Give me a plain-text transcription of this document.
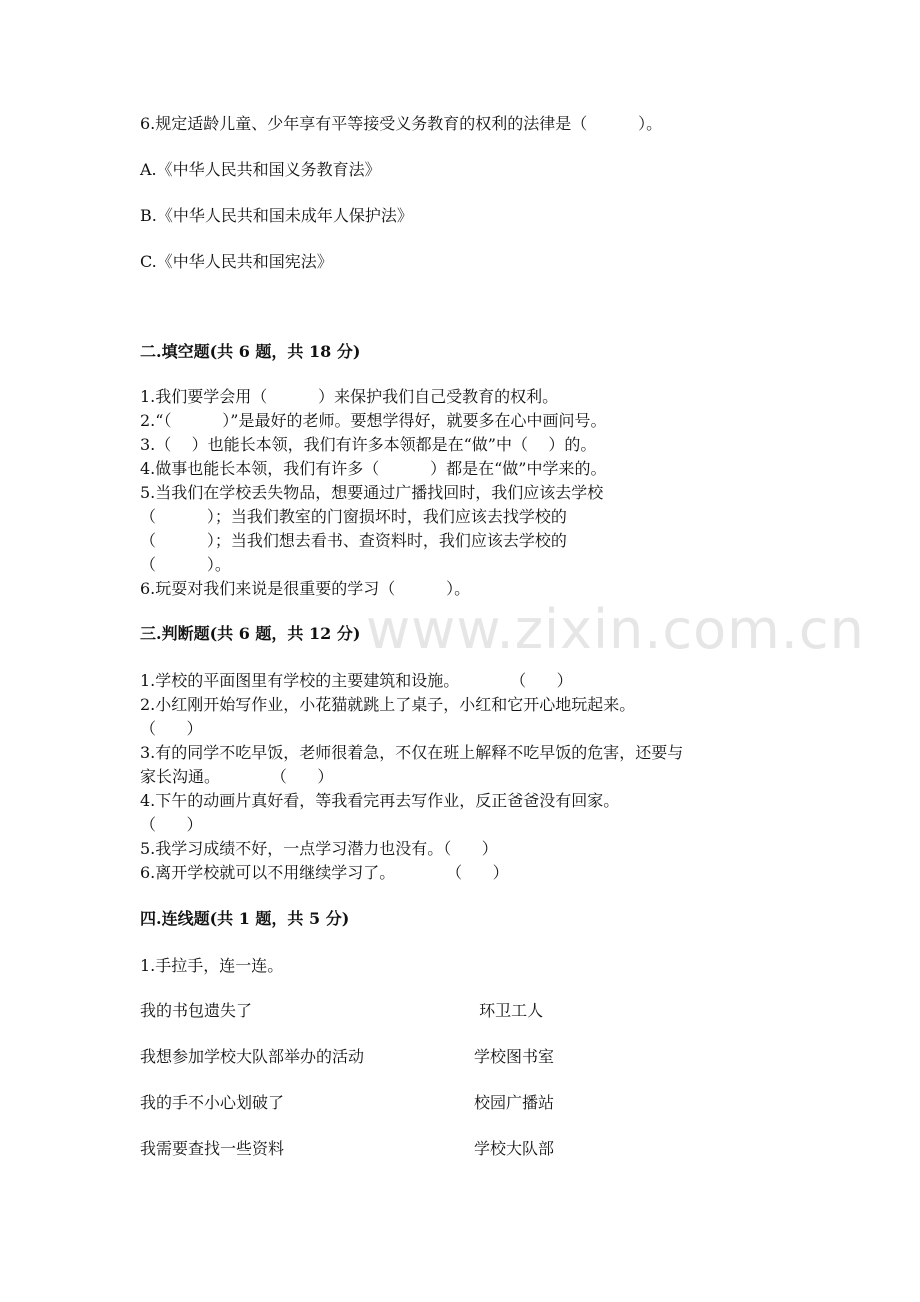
6.规定适龄儿童、少年享有平等接受义务教育的权利的法律是（          ）。
A.《中华人民共和国义务教育法》
B.《中华人民共和国未成年人保护法》
C.《中华人民共和国宪法》
二.填空题(共 6 题，共 18 分)
1.我们要学会用（          ）来保护我们自己受教育的权利。
2.“（          ）”是最好的老师。要想学得好，就要多在心中画问号。
3.（    ）也能长本领，我们有许多本领都是在“做”中（    ）的。
4.做事也能长本领，我们有许多（          ）都是在“做”中学来的。
5.当我们在学校丢失物品，想要通过广播找回时，我们应该去学校
（          ）；当我们教室的门窗损坏时，我们应该去找学校的
（          ）；当我们想去看书、查资料时，我们应该去学校的
（          ）。
6.玩耍对我们来说是很重要的学习（          ）。
www.zixin.com.cn
三.判断题(共 6 题，共 12 分)
1.学校的平面图里有学校的主要建筑和设施。          （      ）
2.小红刚开始写作业，小花猫就跳上了桌子，小红和它开心地玩起来。
（      ）
3.有的同学不吃早饭，老师很着急，不仅在班上解释不吃早饭的危害，还要与
家长沟通。          （      ）
4.下午的动画片真好看，等我看完再去写作业，反正爸爸没有回家。
（      ）
5.我学习成绩不好，一点学习潜力也没有。（      ）
6.离开学校就可以不用继续学习了。          （      ）
四.连线题(共 1 题，共 5 分)
1.手拉手，连一连。
我的书包遗失了	环卫工人
我想参加学校大队部举办的活动	学校图书室
我的手不小心划破了	校园广播站
我需要查找一些资料	学校大队部
